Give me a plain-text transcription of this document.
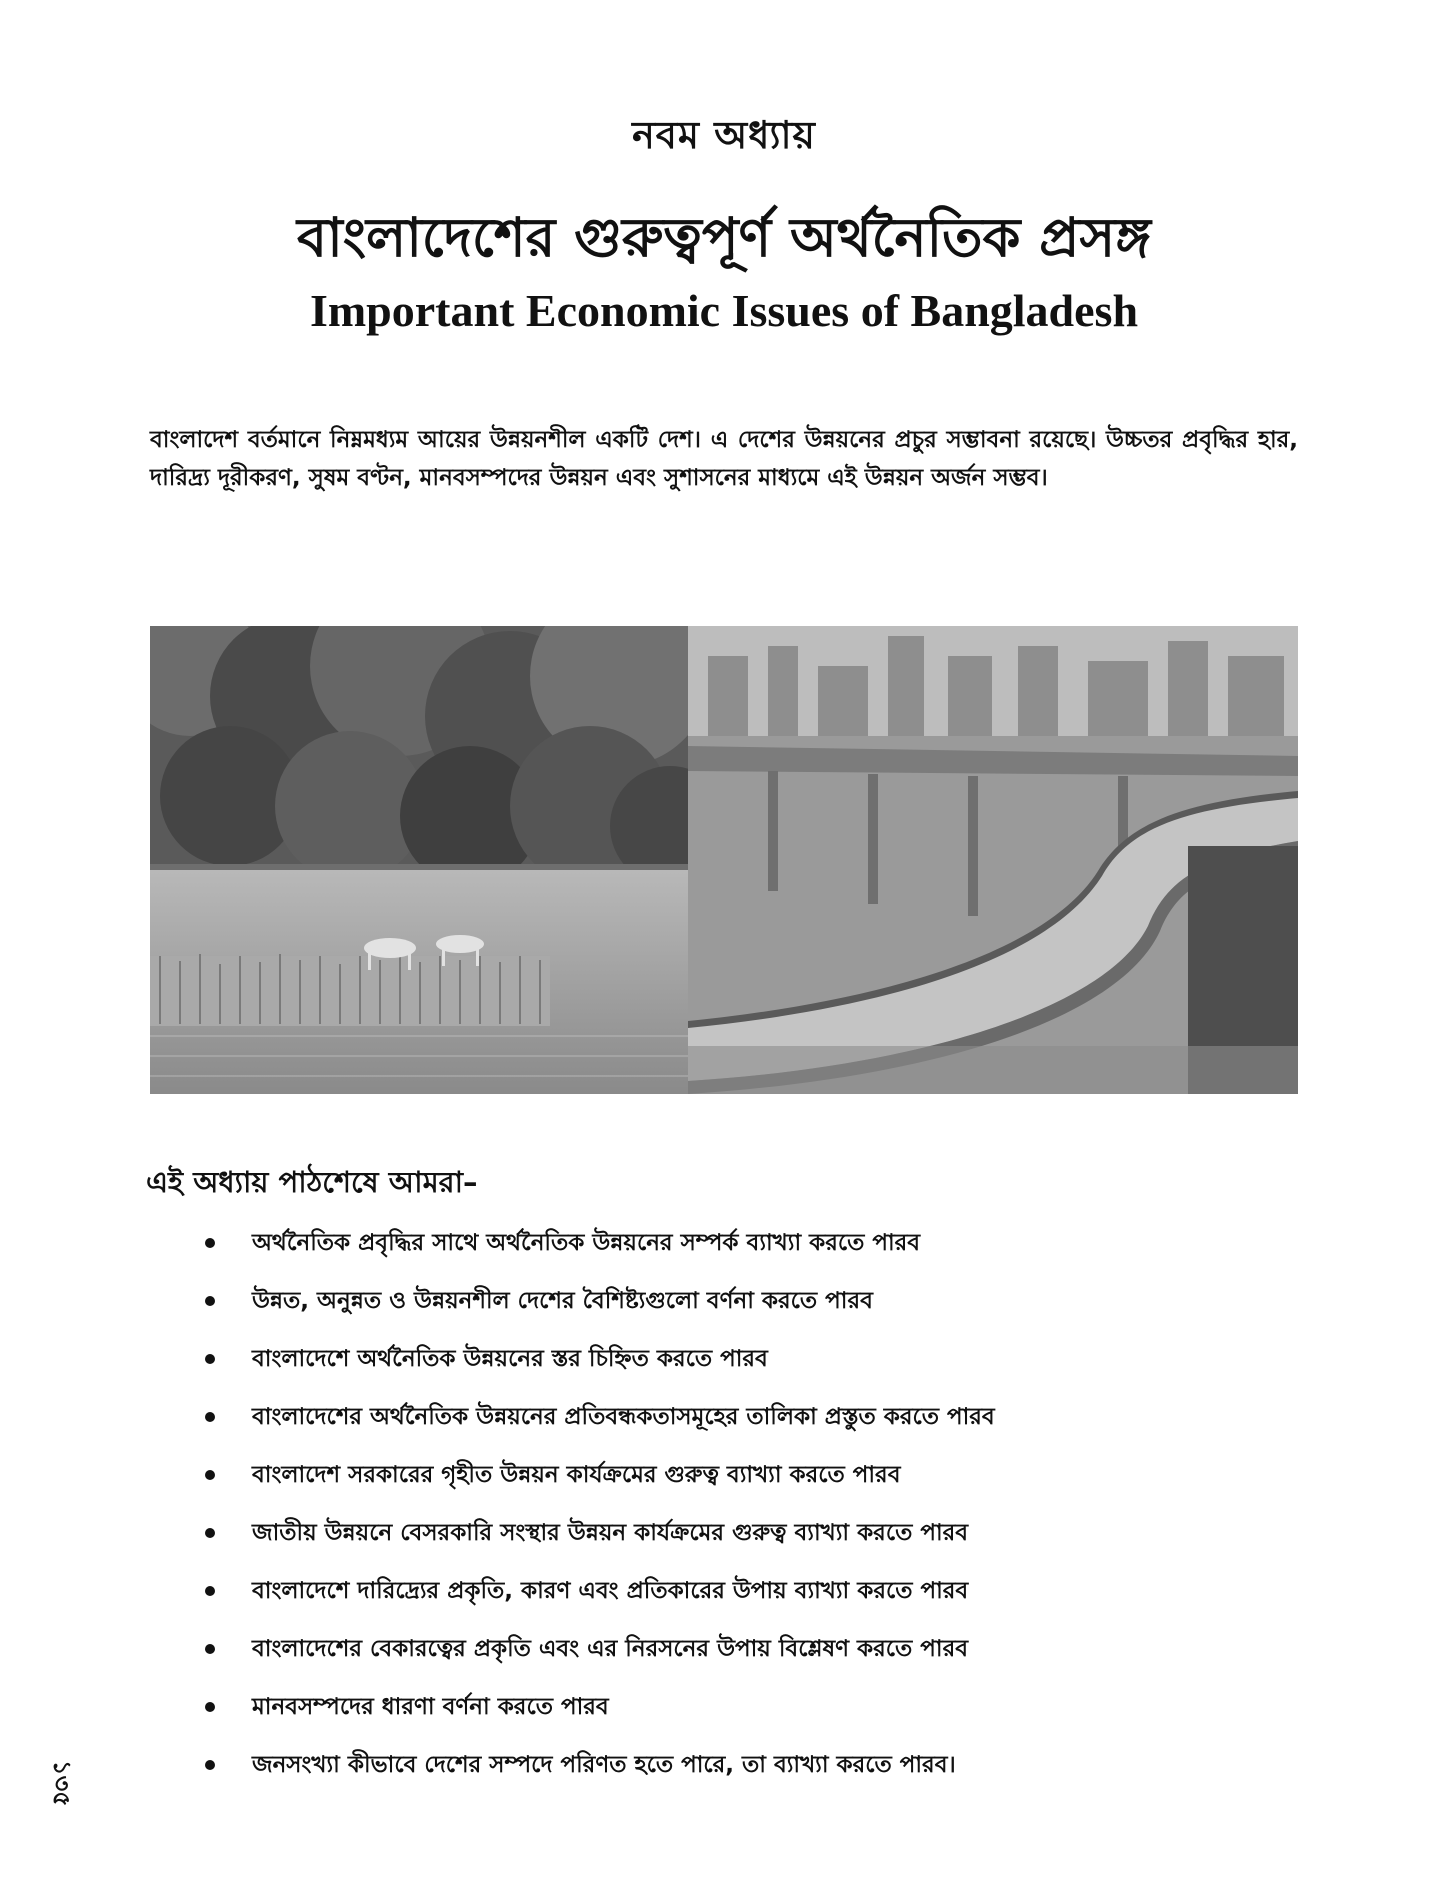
নবম অধ্যায়
বাংলাদেশের গুরুত্বপূর্ণ অর্থনৈতিক প্রসঙ্গ
Important Economic Issues of Bangladesh

বাংলাদেশ বর্তমানে নিম্নমধ্যম আয়ের উন্নয়নশীল একটি দেশ। এ দেশের উন্নয়নের প্রচুর সম্ভাবনা রয়েছে। উচ্চতর প্রবৃদ্ধির হার, দারিদ্র্য দূরীকরণ, সুষম বণ্টন, মানবসম্পদের উন্নয়ন এবং সুশাসনের মাধ্যমে এই উন্নয়ন অর্জন সম্ভব।

এই অধ্যায় পাঠশেষে আমরা–
অর্থনৈতিক প্রবৃদ্ধির সাথে অর্থনৈতিক উন্নয়নের সম্পর্ক ব্যাখ্যা করতে পারব
উন্নত, অনুন্নত ও উন্নয়নশীল দেশের বৈশিষ্ট্যগুলো বর্ণনা করতে পারব
বাংলাদেশে অর্থনৈতিক উন্নয়নের স্তর চিহ্নিত করতে পারব
বাংলাদেশের অর্থনৈতিক উন্নয়নের প্রতিবন্ধকতাসমূহের তালিকা প্রস্তুত করতে পারব
বাংলাদেশ সরকারের গৃহীত উন্নয়ন কার্যক্রমের গুরুত্ব ব্যাখ্যা করতে পারব
জাতীয় উন্নয়নে বেসরকারি সংস্থার উন্নয়ন কার্যক্রমের গুরুত্ব ব্যাখ্যা করতে পারব
বাংলাদেশে দারিদ্র্যের প্রকৃতি, কারণ এবং প্রতিকারের উপায় ব্যাখ্যা করতে পারব
বাংলাদেশের বেকারত্বের প্রকৃতি এবং এর নিরসনের উপায় বিশ্লেষণ করতে পারব
মানবসম্পদের ধারণা বর্ণনা করতে পারব
জনসংখ্যা কীভাবে দেশের সম্পদে পরিণত হতে পারে, তা ব্যাখ্যা করতে পারব।
১৩৫
